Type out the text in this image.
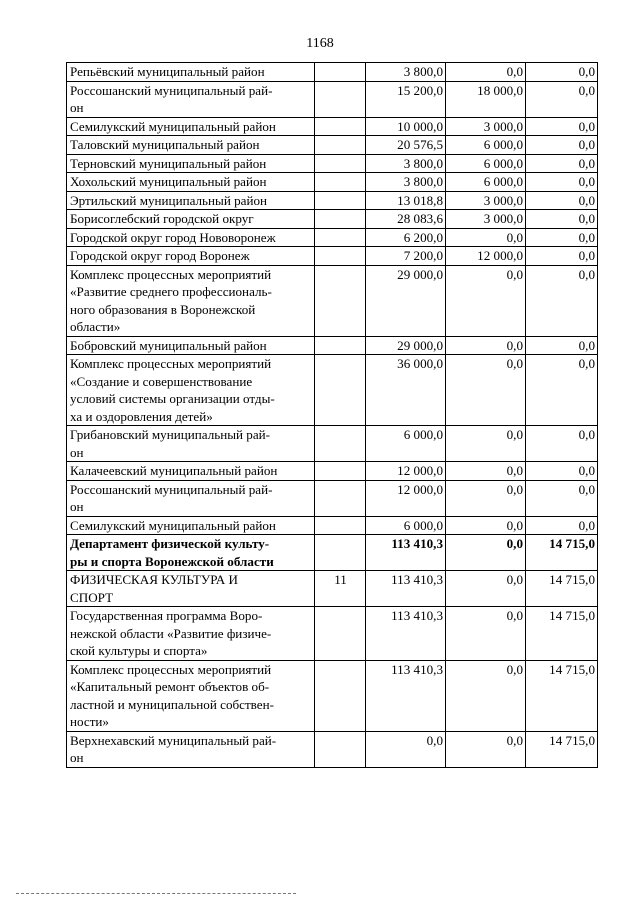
1168
Репьёвский муниципальный район		3 800,0	0,0	0,0
Россошанский муниципальный рай-
он		15 200,0	18 000,0	0,0
Семилукский муниципальный район		10 000,0	3 000,0	0,0
Таловский муниципальный район		20 576,5	6 000,0	0,0
Терновский муниципальный район		3 800,0	6 000,0	0,0
Хохольский муниципальный район		3 800,0	6 000,0	0,0
Эртильский муниципальный район		13 018,8	3 000,0	0,0
Борисоглебский городской округ		28 083,6	3 000,0	0,0
Городской округ город Нововоронеж		6 200,0	0,0	0,0
Городской округ город Воронеж		7 200,0	12 000,0	0,0
Комплекс процессных мероприятий
«Развитие среднего профессиональ-
ного образования в Воронежской
области»		29 000,0	0,0	0,0
Бобровский муниципальный район		29 000,0	0,0	0,0
Комплекс процессных мероприятий
«Создание и совершенствование
условий системы организации отды-
ха и оздоровления детей»		36 000,0	0,0	0,0
Грибановский муниципальный рай-
он		6 000,0	0,0	0,0
Калачеевский муниципальный район		12 000,0	0,0	0,0
Россошанский муниципальный рай-
он		12 000,0	0,0	0,0
Семилукский муниципальный район		6 000,0	0,0	0,0
Департамент физической культу-
ры и спорта Воронежской области		113 410,3	0,0	14 715,0
ФИЗИЧЕСКАЯ КУЛЬТУРА И
СПОРТ	11	113 410,3	0,0	14 715,0
Государственная программа Воро-
нежской области «Развитие физиче-
ской культуры и спорта»		113 410,3	0,0	14 715,0
Комплекс процессных мероприятий
«Капитальный ремонт объектов об-
ластной и муниципальной собствен-
ности»		113 410,3	0,0	14 715,0
Верхнехавский муниципальный рай-
он		0,0	0,0	14 715,0
